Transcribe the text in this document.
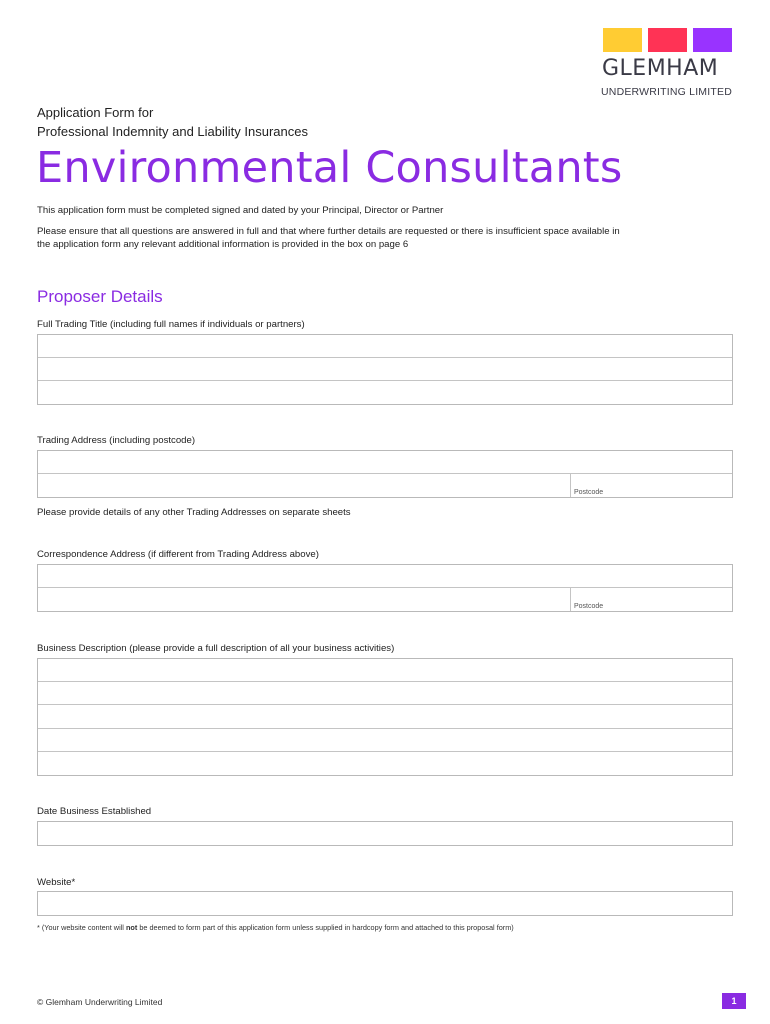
GLEMHAM
UNDERWRITING LIMITED
Application Form for
Professional Indemnity and Liability Insurances
Environmental Consultants
This application form must be completed signed and dated by your Principal, Director or Partner
Please ensure that all questions are answered in full and that where further details are requested or there is insufficient space available in
the application form any relevant additional information is provided in the box on page 6
Proposer Details
Full Trading Title (including full names if individuals or partners)
Trading Address (including postcode)
Postcode
Please provide details of any other Trading Addresses on separate sheets
Correspondence Address (if different from Trading Address above)
Postcode
Business Description (please provide a full description of all your business activities)
Date Business Established
Website*
* (Your website content will not be deemed to form part of this application form unless supplied in hardcopy form and attached to this proposal form)
© Glemham Underwriting Limited	1
